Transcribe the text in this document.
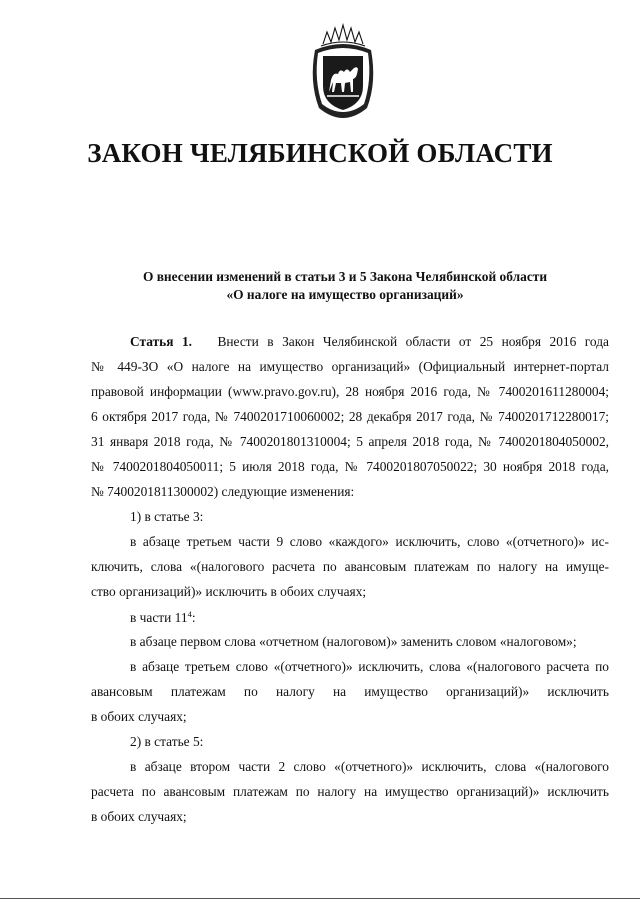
ЗАКОН ЧЕЛЯБИНСКОЙ ОБЛАСТИ
О внесении изменений в статьи 3 и 5 Закона Челябинской области
«О налоге на имущество организаций»
Статья 1. Внести в Закон Челябинской области от 25 ноября 2016 года
№ 449-ЗО «О налоге на имущество организаций» (Официальный интернет-портал
правовой информации (www.pravo.gov.ru), 28 ноября 2016 года, № 7400201611280004;
6 октября 2017 года, № 7400201710060002; 28 декабря 2017 года, № 7400201712280017;
31 января 2018 года, № 7400201801310004; 5 апреля 2018 года, № 7400201804050002,
№ 7400201804050011; 5 июля 2018 года, № 7400201807050022; 30 ноября 2018 года,
№ 7400201811300002) следующие изменения:
1) в статье 3:
в абзаце третьем части 9 слово «каждого» исключить, слово «(отчетного)» ис-
ключить, слова «(налогового расчета по авансовым платежам по налогу на имуще-
ство организаций)» исключить в обоих случаях;
в части $11^4$:
в абзаце первом слова «отчетном (налоговом)» заменить словом «налоговом»;
в абзаце третьем слово «(отчетного)» исключить, слова «(налогового расчета по
авансовым платежам по налогу на имущество организаций)» исключить
в обоих случаях;
2) в статье 5:
в абзаце втором части 2 слово «(отчетного)» исключить, слова «(налогового
расчета по авансовым платежам по налогу на имущество организаций)» исключить
в обоих случаях;
